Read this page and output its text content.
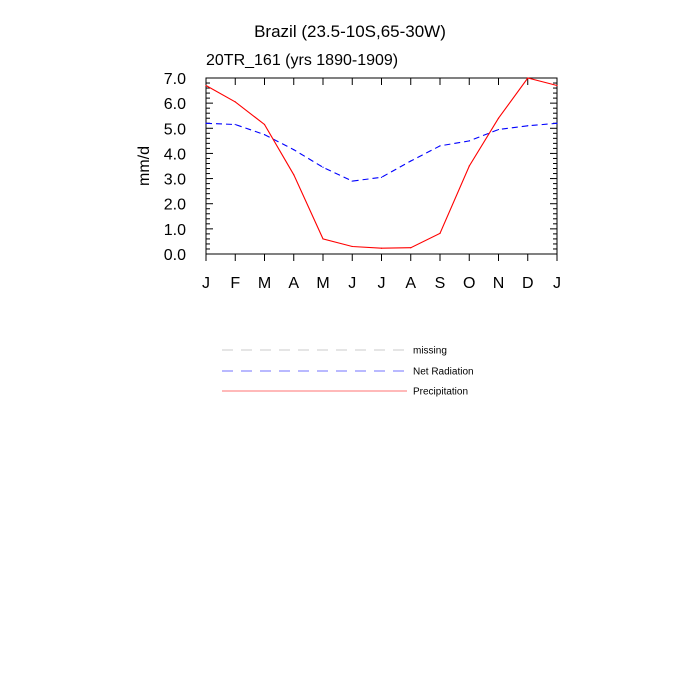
Brazil (23.5-10S,65-30W)
20TR_161 (yrs 1890-1909)
mm/d
J F M A M J J A S O N D J
0.0
1.0
2.0
3.0
4.0
5.0
6.0
7.0
missing
Net Radiation
Precipitation
